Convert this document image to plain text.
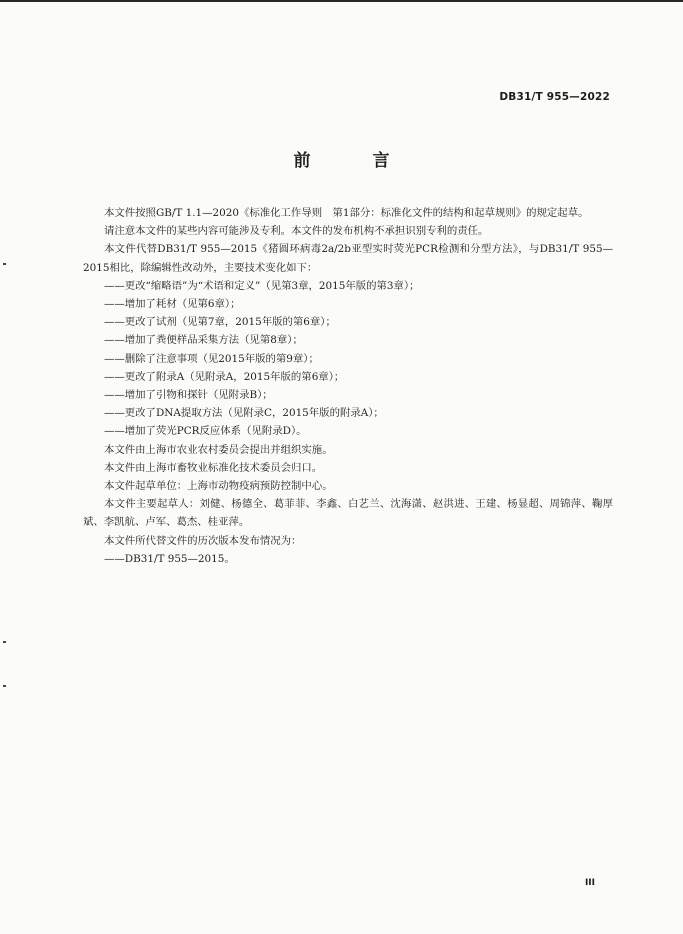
DB31/T 955—2022
前 言

本文件按照GB/T 1.1—2020《标准化工作导则　第1部分：标准化文件的结构和起草规则》的规定起草。

请注意本文件的某些内容可能涉及专利。本文件的发布机构不承担识别专利的责任。

本文件代替DB31/T 955—2015《猪圆环病毒2a/2b亚型实时荧光PCR检测和分型方法》，与DB31/T 955—2015相比，除编辑性改动外，主要技术变化如下：

——更改“缩略语”为“术语和定义”（见第3章，2015年版的第3章）；

——增加了耗材（见第6章）；

——更改了试剂（见第7章，2015年版的第6章）；

——增加了粪便样品采集方法（见第8章）；

——删除了注意事项（见2015年版的第9章）；

——更改了附录A（见附录A，2015年版的第6章）；

——增加了引物和探针（见附录B）；

——更改了DNA提取方法（见附录C，2015年版的附录A）；

——增加了荧光PCR反应体系（见附录D）。

本文件由上海市农业农村委员会提出并组织实施。

本文件由上海市畜牧业标准化技术委员会归口。

本文件起草单位：上海市动物疫病预防控制中心。

本文件主要起草人：刘健、杨德全、葛菲菲、李鑫、白艺兰、沈海潇、赵洪进、王建、杨显超、周锦萍、鞠厚斌、李凯航、卢军、葛杰、桂亚萍。

本文件所代替文件的历次版本发布情况为：

——DB31/T 955—2015。

III
